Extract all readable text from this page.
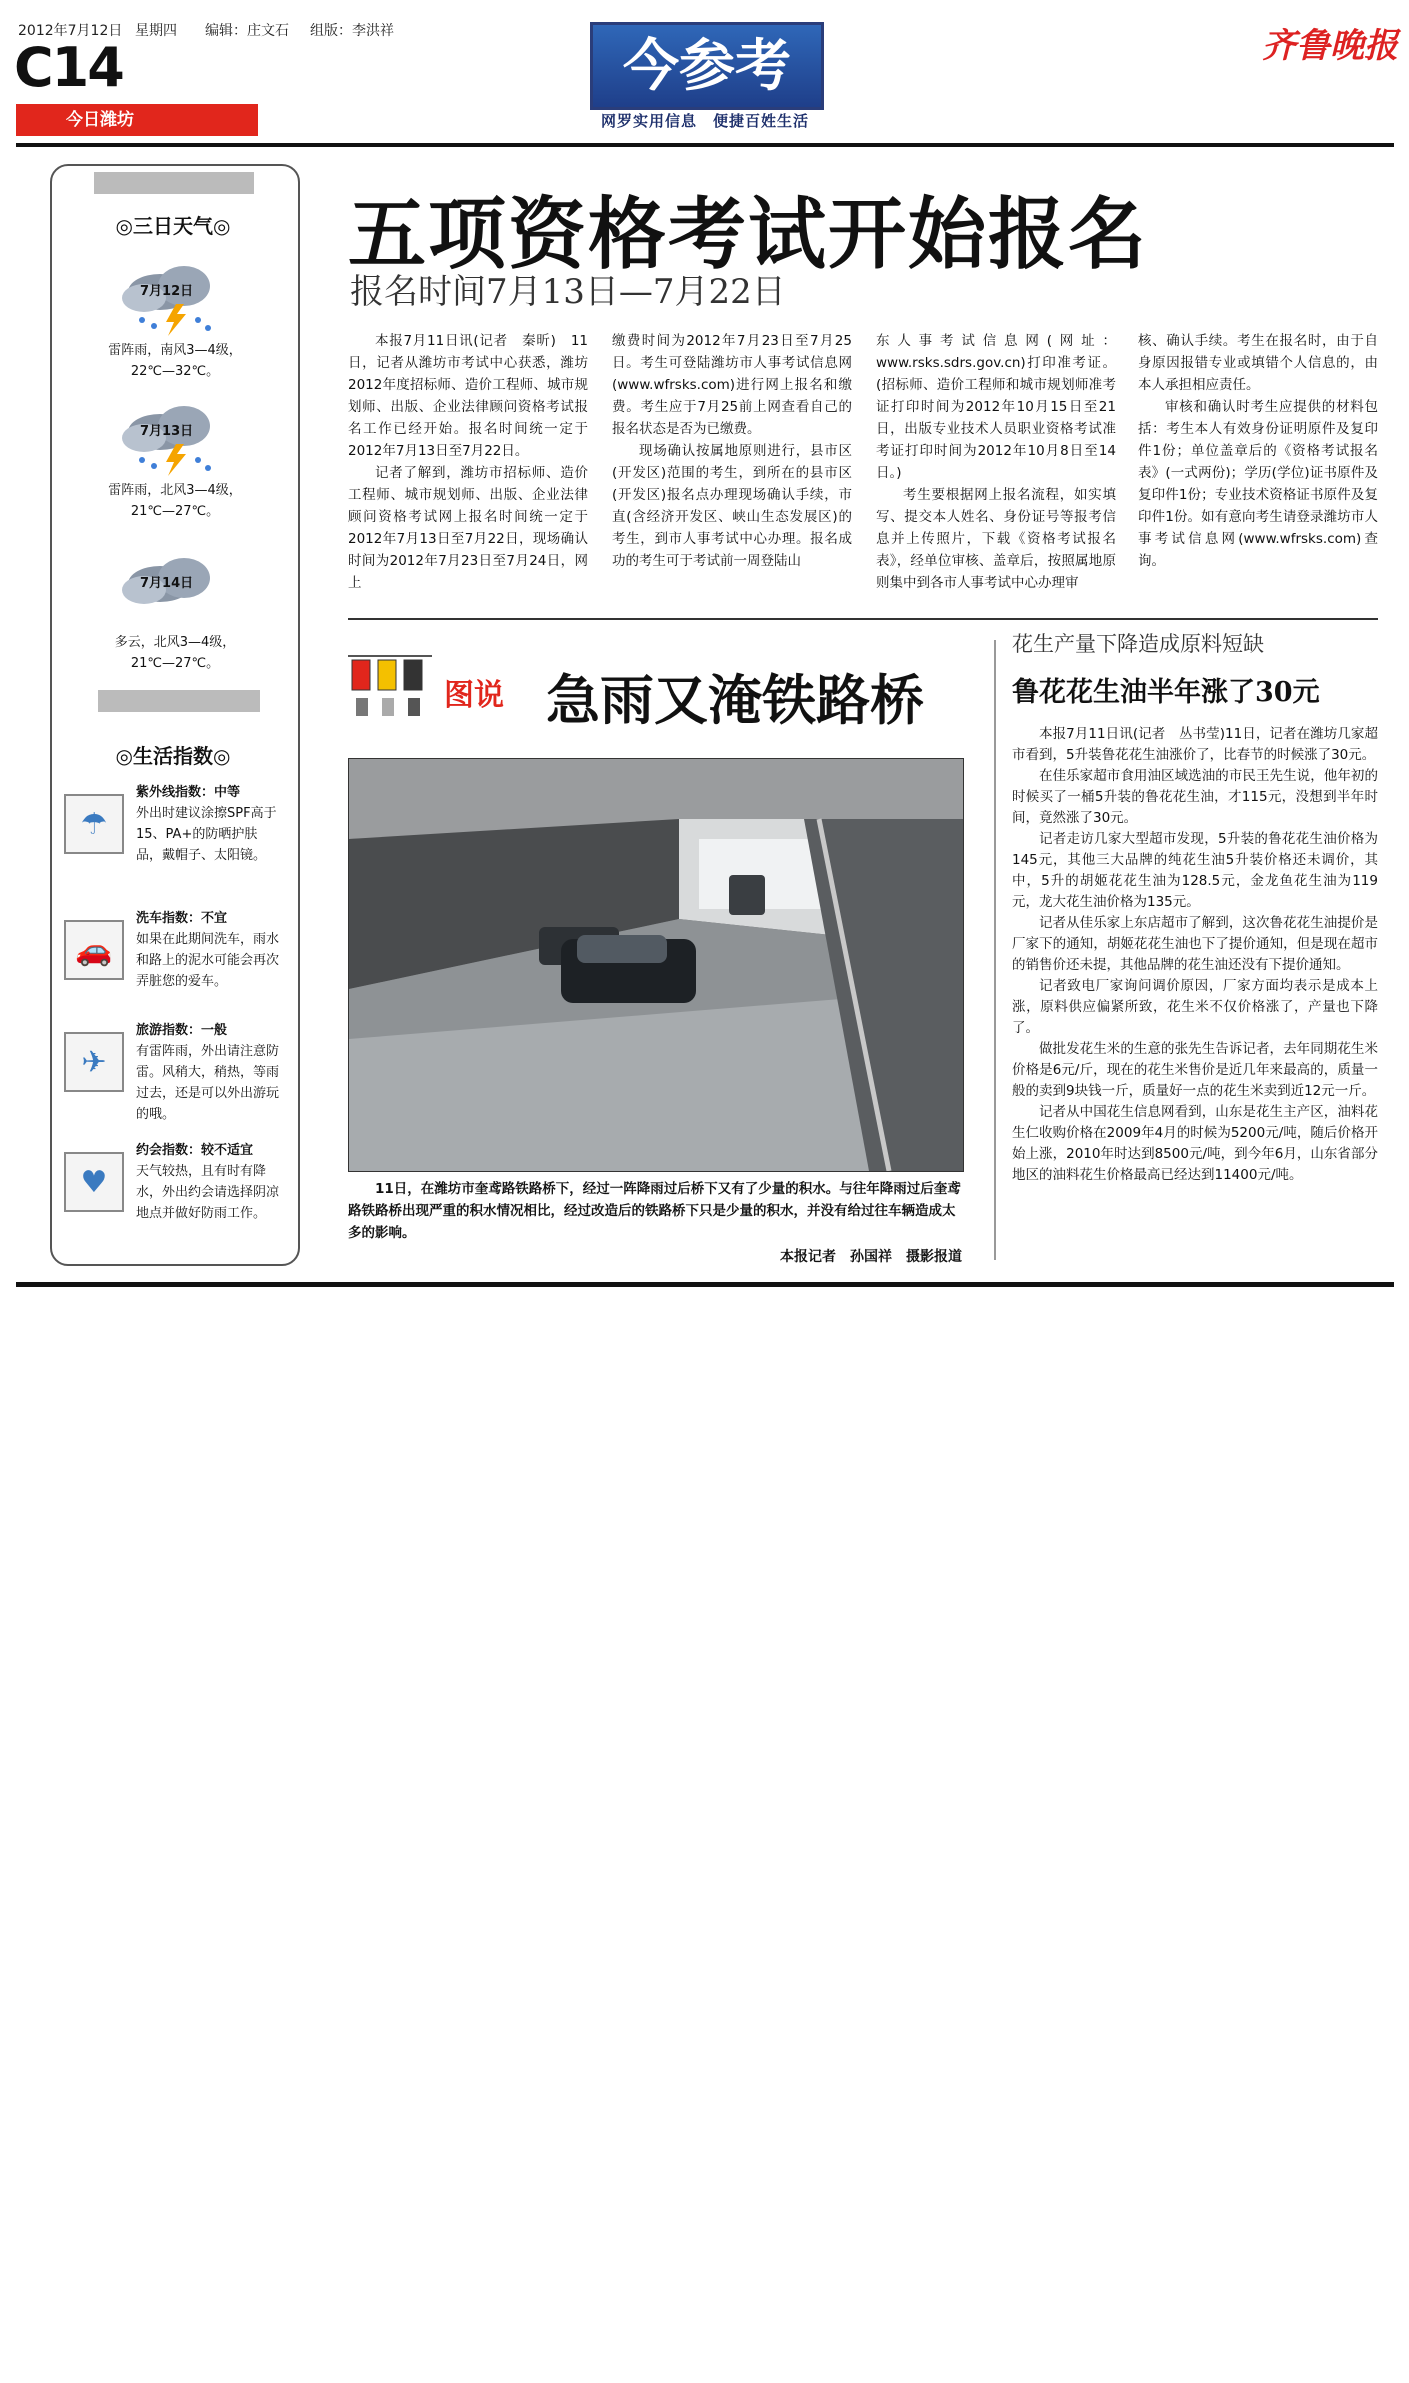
2012年7月12日 星期四 编辑：庄文石 组版：李洪祥
C14
今日潍坊
今参考
网罗实用信息　便捷百姓生活
齐鲁晚报
◎三日天气◎
7月12日
雷阵雨，南风3—4级，
22℃—32℃。
7月13日
雷阵雨，北风3—4级，
21℃—27℃。
7月14日
多云，北风3—4级，
21℃—27℃。
◎生活指数◎
☂
紫外线指数：中等
外出时建议涂擦SPF高于15、PA+的防晒护肤品，戴帽子、太阳镜。
🚗
洗车指数：不宜
如果在此期间洗车，雨水和路上的泥水可能会再次弄脏您的爱车。
✈
旅游指数：一般
有雷阵雨，外出请注意防雷。风稍大，稍热，等雨过去，还是可以外出游玩的哦。
♥
约会指数：较不适宜
天气较热，且有时有降水，外出约会请选择阴凉地点并做好防雨工作。
五项资格考试开始报名
报名时间7月13日—7月22日

本报7月11日讯(记者　秦昕)　11日，记者从潍坊市考试中心获悉，潍坊2012年度招标师、造价工程师、城市规划师、出版、企业法律顾问资格考试报名工作已经开始。报名时间统一定于2012年7月13日至7月22日。

记者了解到，潍坊市招标师、造价工程师、城市规划师、出版、企业法律顾问资格考试网上报名时间统一定于2012年7月13日至7月22日，现场确认时间为2012年7月23日至7月24日，网上

缴费时间为2012年7月23日至7月25日。考生可登陆潍坊市人事考试信息网(www.wfrsks.com)进行网上报名和缴费。考生应于7月25前上网查看自己的报名状态是否为已缴费。

现场确认按属地原则进行，县市区(开发区)范围的考生，到所在的县市区(开发区)报名点办理现场确认手续，市直(含经济开发区、峡山生态发展区)的考生，到市人事考试中心办理。报名成功的考生可于考试前一周登陆山

东人事考试信息网(网址：www.rsks.sdrs.gov.cn)打印准考证。(招标师、造价工程师和城市规划师准考证打印时间为2012年10月15日至21日，出版专业技术人员职业资格考试准考证打印时间为2012年10月8日至14日。)

考生要根据网上报名流程，如实填写、提交本人姓名、身份证号等报考信息并上传照片，下载《资格考试报名表》，经单位审核、盖章后，按照属地原则集中到各市人事考试中心办理审

核、确认手续。考生在报名时，由于自身原因报错专业或填错个人信息的，由本人承担相应责任。

审核和确认时考生应提供的材料包括：考生本人有效身份证明原件及复印件1份；单位盖章后的《资格考试报名表》(一式两份)；学历(学位)证书原件及复印件1份；专业技术资格证书原件及复印件1份。如有意向考生请登录潍坊市人事考试信息网(www.wfrsks.com)查询。

图说 急雨又淹铁路桥
11日，在潍坊市奎鸢路铁路桥下，经过一阵降雨过后桥下又有了少量的积水。与往年降雨过后奎鸢路铁路桥出现严重的积水情况相比，经过改造后的铁路桥下只是少量的积水，并没有给过往车辆造成太多的影响。
本报记者　孙国祥　摄影报道
花生产量下降造成原料短缺
鲁花花生油半年涨了30元

本报7月11日讯(记者　丛书莹)11日，记者在潍坊几家超市看到，5升装鲁花花生油涨价了，比春节的时候涨了30元。

在佳乐家超市食用油区域选油的市民王先生说，他年初的时候买了一桶5升装的鲁花花生油，才115元，没想到半年时间，竟然涨了30元。

记者走访几家大型超市发现，5升装的鲁花花生油价格为145元，其他三大品牌的纯花生油5升装价格还未调价，其中，5升的胡姬花花生油为128.5元，金龙鱼花生油为119元，龙大花生油价格为135元。

记者从佳乐家上东店超市了解到，这次鲁花花生油提价是厂家下的通知，胡姬花花生油也下了提价通知，但是现在超市的销售价还未提，其他品牌的花生油还没有下提价通知。

记者致电厂家询问调价原因，厂家方面均表示是成本上涨，原料供应偏紧所致，花生米不仅价格涨了，产量也下降了。

做批发花生米的生意的张先生告诉记者，去年同期花生米价格是6元/斤，现在的花生米售价是近几年来最高的，质量一般的卖到9块钱一斤，质量好一点的花生米卖到近12元一斤。

记者从中国花生信息网看到，山东是花生主产区，油料花生仁收购价格在2009年4月的时候为5200元/吨，随后价格开始上涨，2010年时达到8500元/吨，到今年6月，山东省部分地区的油料花生价格最高已经达到11400元/吨。
